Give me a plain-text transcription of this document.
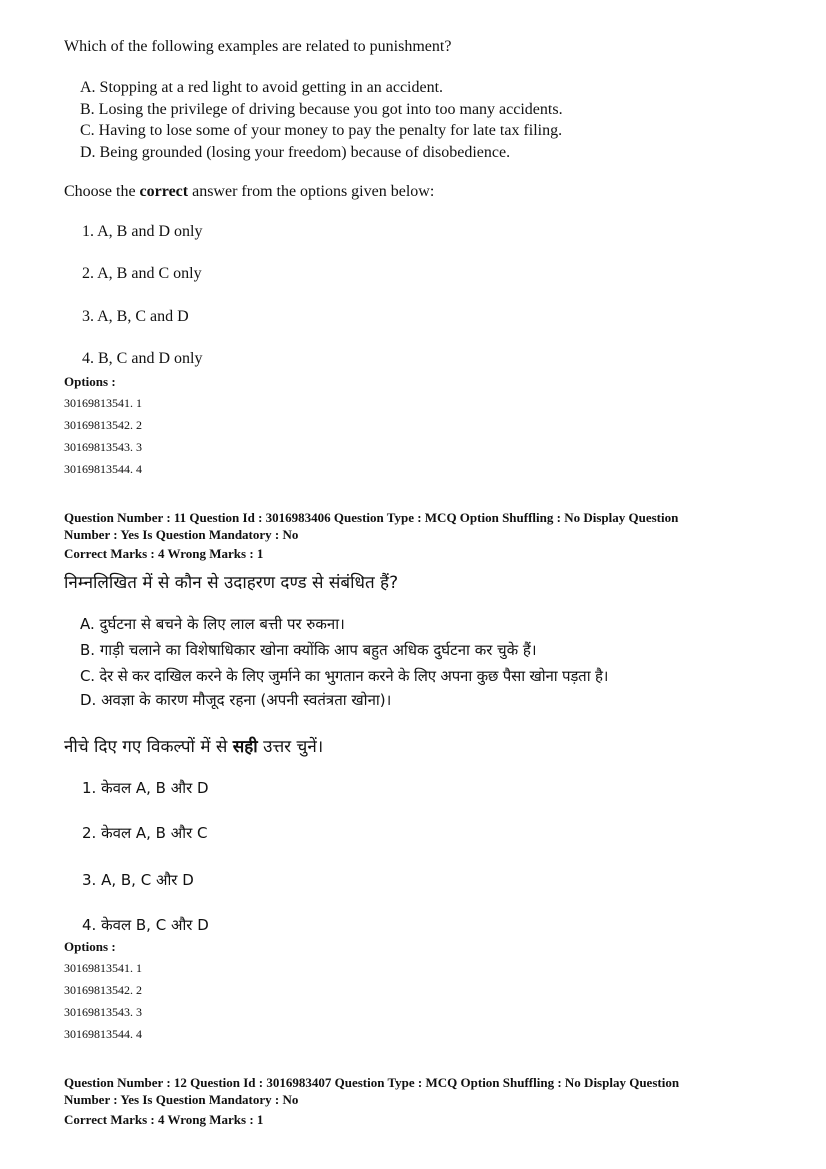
Which of the following examples are related to punishment?
A. Stopping at a red light to avoid getting in an accident.
B. Losing the privilege of driving because you got into too many accidents.
C. Having to lose some of your money to pay the penalty for late tax filing.
D. Being grounded (losing your freedom) because of disobedience.
Choose the correct answer from the options given below:
1. A, B and D only
2. A, B and C only
3. A, B, C and D
4. B, C and D only
Options :
30169813541. 1
30169813542. 2
30169813543. 3
30169813544. 4
Question Number : 11 Question Id : 3016983406 Question Type : MCQ Option Shuffling : No Display Question
Number : Yes Is Question Mandatory : No
Correct Marks : 4 Wrong Marks : 1
निम्नलिखित में से कौन से उदाहरण दण्ड से संबंधित हैं?
A. दुर्घटना से बचने के लिए लाल बत्ती पर रुकना।
B. गाड़ी चलाने का विशेषाधिकार खोना क्योंकि आप बहुत अधिक दुर्घटना कर चुके हैं।
C. देर से कर दाखिल करने के लिए जुर्माने का भुगतान करने के लिए अपना कुछ पैसा खोना पड़ता है।
D. अवज्ञा के कारण मौजूद रहना (अपनी स्वतंत्रता खोना)।
नीचे दिए गए विकल्पों में से सही उत्तर चुनें।
1. केवल A, B और D
2. केवल A, B और C
3. A, B, C और D
4. केवल B, C और D
Options :
30169813541. 1
30169813542. 2
30169813543. 3
30169813544. 4
Question Number : 12 Question Id : 3016983407 Question Type : MCQ Option Shuffling : No Display Question
Number : Yes Is Question Mandatory : No
Correct Marks : 4 Wrong Marks : 1
